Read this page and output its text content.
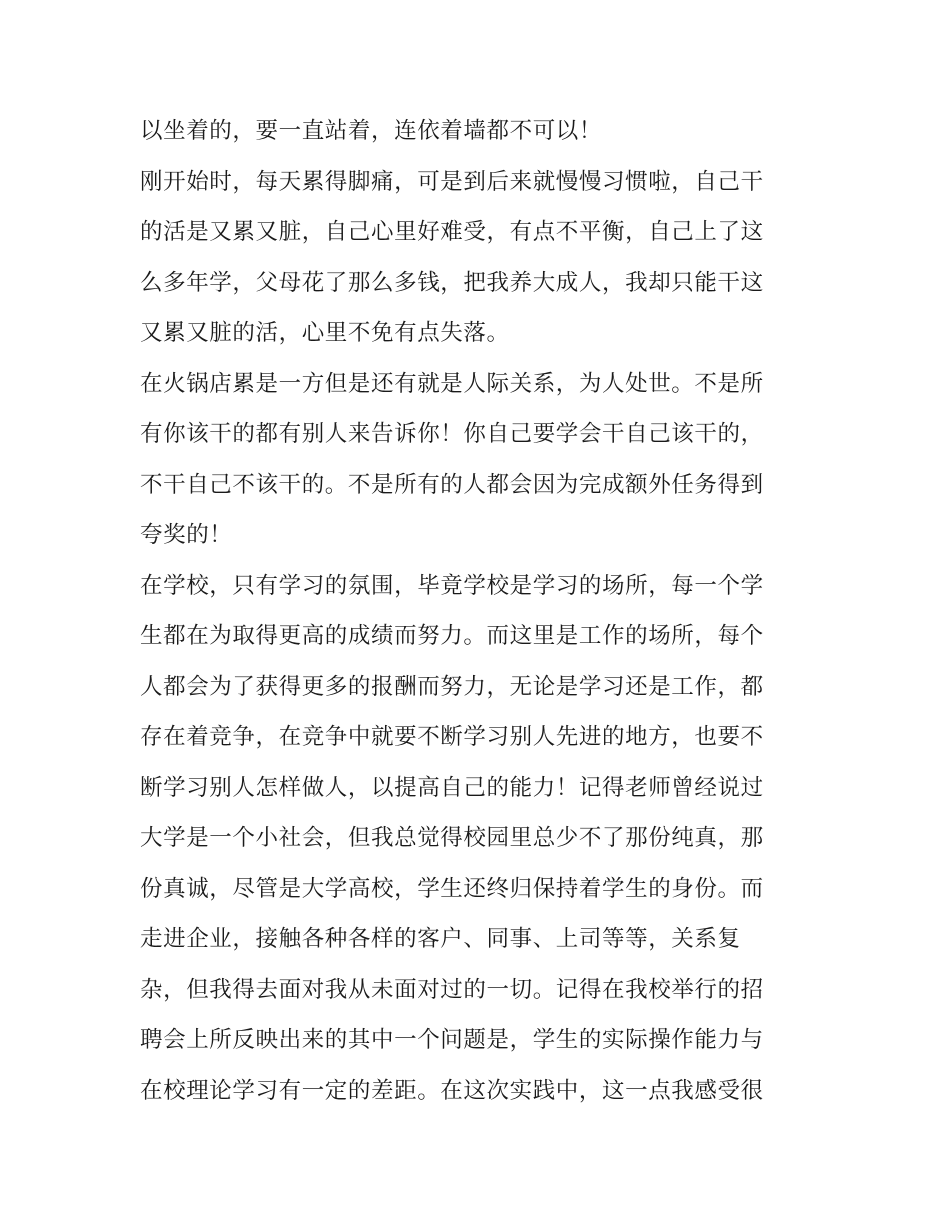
以坐着的，要一直站着，连依着墙都不可以！
刚开始时，每天累得脚痛，可是到后来就慢慢习惯啦，自己干
的活是又累又脏，自己心里好难受，有点不平衡，自己上了这
么多年学，父母花了那么多钱，把我养大成人，我却只能干这
又累又脏的活，心里不免有点失落。
在火锅店累是一方但是还有就是人际关系，为人处世。不是所
有你该干的都有别人来告诉你！你自己要学会干自己该干的，
不干自己不该干的。不是所有的人都会因为完成额外任务得到
夸奖的！
在学校，只有学习的氛围，毕竟学校是学习的场所，每一个学
生都在为取得更高的成绩而努力。而这里是工作的场所，每个
人都会为了获得更多的报酬而努力，无论是学习还是工作，都
存在着竞争，在竞争中就要不断学习别人先进的地方，也要不
断学习别人怎样做人，以提高自己的能力！记得老师曾经说过
大学是一个小社会，但我总觉得校园里总少不了那份纯真，那
份真诚，尽管是大学高校，学生还终归保持着学生的身份。而
走进企业，接触各种各样的客户、同事、上司等等，关系复
杂，但我得去面对我从未面对过的一切。记得在我校举行的招
聘会上所反映出来的其中一个问题是，学生的实际操作能力与
在校理论学习有一定的差距。在这次实践中，这一点我感受很
